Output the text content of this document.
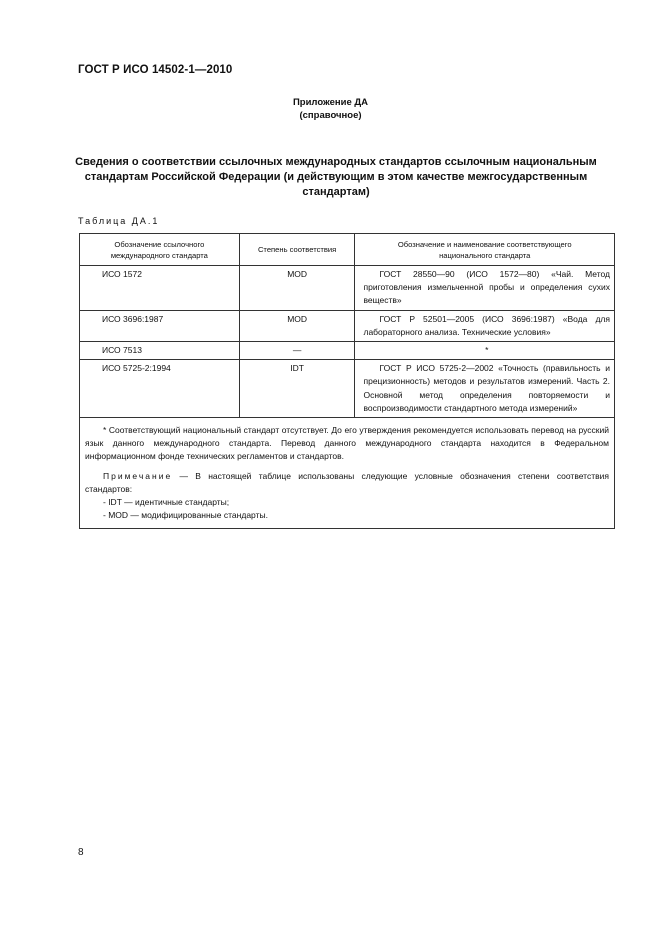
ГОСТ Р ИСО 14502-1—2010
Приложение ДА
(справочное)
Сведения о соответствии ссылочных международных стандартов ссылочным национальным стандартам Российской Федерации (и действующим в этом качестве межгосударственным стандартам)
Таблица ДА.1
Обозначение ссылочного международного стандарта	Степень соответствия	Обозначение и наименование соответствующего национального стандарта
ИСО 1572	MOD	ГОСТ 28550—90 (ИСО 1572—80) «Чай. Метод приготовления измельченной пробы и определения сухих веществ»
ИСО 3696:1987	MOD	ГОСТ Р 52501—2005 (ИСО 3696:1987) «Вода для лабораторного анализа. Технические условия»
ИСО 7513	—	*

ИСО 5725-2:1994	IDT	ГОСТ Р ИСО 5725-2—2002 «Точность (правильность и прецизионность) методов и результатов измерений. Часть 2. Основной метод определения повторяемости и воспроизводимости стандартного метода измерений»

* Соответствующий национальный стандарт отсутствует. До его утверждения рекомендуется использовать перевод на русский язык данного международного стандарта. Перевод данного международного стандарта находится в Федеральном информационном фонде технических регламентов и стандартов.

Примечание — В настоящей таблице использованы следующие условные обозначения степени соответствия стандартов:

- IDT — идентичные стандарты;

- MOD — модифицированные стандарты.		

8
